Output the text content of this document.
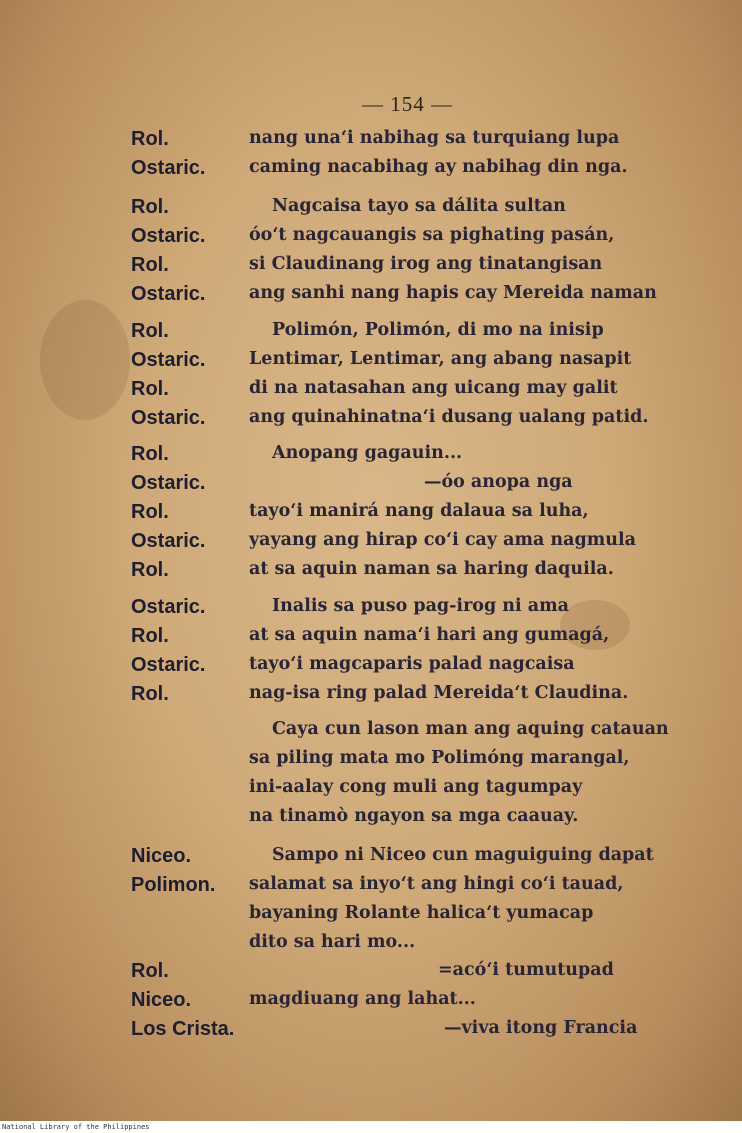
— 154 —
Rol.	nang una‘i nabihag sa turquiang lupa
Ostaric. caming nacabihag ay nabihag din nga.
Rol.	Nagcaisa tayo sa dálita sultan
Ostaric. óo‘t nagcauangis sa pighating pasán,
Rol.	si Claudinang irog ang tinatangisan
Ostaric. ang sanhi nang hapis cay Mereida naman
Rol.	Polimón, Polimón, di mo na inisip
Ostaric. Lentimar, Lentimar, ang abang nasapit
Rol.	di na natasahan ang uicang may galit
Ostaric. ang quinahinatna‘i dusang ualang patid.
Rol.	Anopang gagauin...
Ostaric.	—óo anopa nga
Rol.	tayo‘i manirá nang dalaua sa luha,
Ostaric. yayang ang hirap co‘i cay ama nagmula
Rol.	at sa aquin naman sa haring daquila.
Ostaric.	Inalis sa puso pag-irog ni ama
Rol.	at sa aquin nama‘i hari ang gumagá,
Ostaric. tayo‘i magcaparis palad nagcaisa
Rol.	nag-isa ring palad Mereida‘t Claudina.
Caya cun lason man ang aquing catauan
sa piling mata mo Polimóng marangal,
ini-aalay cong muli ang tagumpay
na tinamò ngayon sa mga caauay.
Niceo.	Sampo ni Niceo cun maguiguing dapat
Polimon. salamat sa inyo‘t ang hingi co‘i tauad,
bayaning Rolante halica‘t yumacap
dito sa hari mo...
Rol.	=acó‘i tumutupad
Niceo.	magdiuang ang lahat...
Los Crista.	—viva itong Francia
National Library of the Philippines
